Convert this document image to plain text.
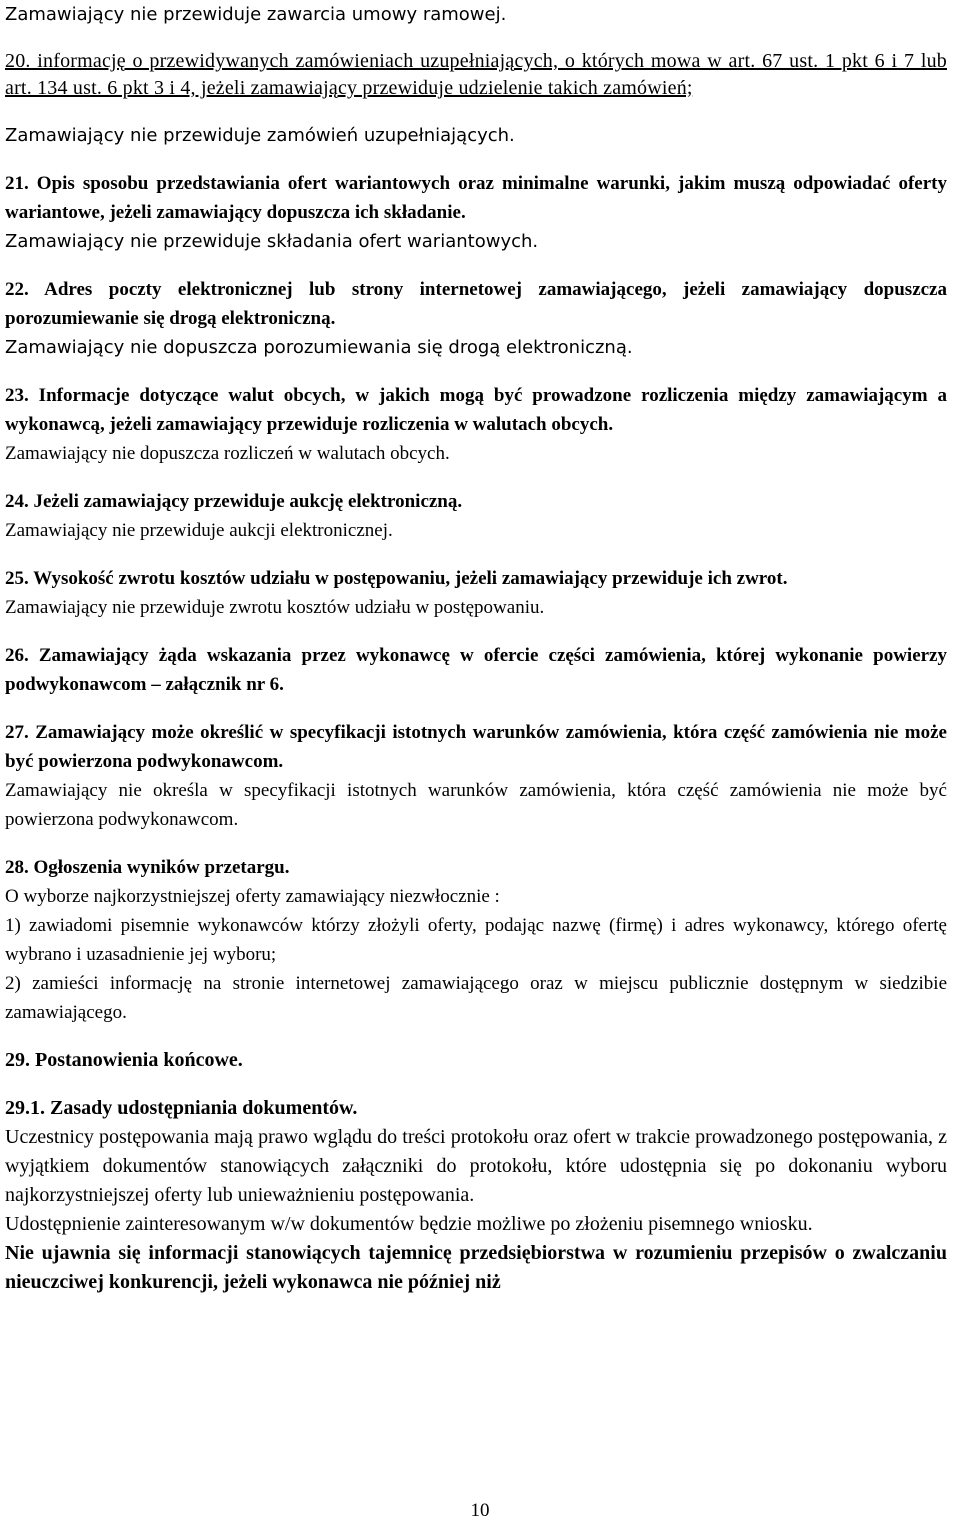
Zamawiający nie przewiduje zawarcia umowy ramowej.

20. informację o przewidywanych zamówieniach uzupełniających, o których mowa w art. 67 ust. 1 pkt 6 i 7 lub art. 134 ust. 6 pkt 3 i 4, jeżeli zamawiający przewiduje udzielenie takich zamówień;

Zamawiający nie przewiduje zamówień uzupełniających.

21. Opis sposobu przedstawiania ofert wariantowych oraz minimalne warunki, jakim muszą odpowiadać oferty wariantowe, jeżeli zamawiający dopuszcza ich składanie.

Zamawiający nie przewiduje składania ofert wariantowych.

22. Adres poczty elektronicznej lub strony internetowej zamawiającego, jeżeli zamawiający dopuszcza porozumiewanie się drogą elektroniczną.

Zamawiający nie dopuszcza porozumiewania się drogą elektroniczną.

23. Informacje dotyczące walut obcych, w jakich mogą być prowadzone rozliczenia między zamawiającym a wykonawcą, jeżeli zamawiający przewiduje rozliczenia w walutach obcych.

Zamawiający nie dopuszcza rozliczeń w walutach obcych.

24. Jeżeli zamawiający przewiduje aukcję elektroniczną.

Zamawiający nie przewiduje aukcji elektronicznej.

25. Wysokość zwrotu kosztów udziału w postępowaniu, jeżeli zamawiający przewiduje ich zwrot.

Zamawiający nie przewiduje zwrotu kosztów udziału w postępowaniu.

26. Zamawiający żąda wskazania przez wykonawcę w ofercie części zamówienia, której wykonanie powierzy podwykonawcom – załącznik nr 6.

27. Zamawiający może określić w specyfikacji istotnych warunków zamówienia, która część zamówienia nie może być powierzona podwykonawcom.

Zamawiający nie określa w specyfikacji istotnych warunków zamówienia, która część zamówienia nie może być powierzona podwykonawcom.

28. Ogłoszenia wyników przetargu.

O wyborze najkorzystniejszej oferty zamawiający niezwłocznie :

1) zawiadomi pisemnie wykonawców którzy złożyli oferty, podając nazwę (firmę) i adres wykonawcy, którego ofertę wybrano i uzasadnienie jej wyboru;

2) zamieści informację na stronie internetowej zamawiającego oraz w miejscu publicznie dostępnym w siedzibie zamawiającego.

29. Postanowienia końcowe.

29.1. Zasady udostępniania dokumentów.

Uczestnicy postępowania mają prawo wglądu do treści protokołu oraz ofert w trakcie prowadzonego postępowania, z wyjątkiem dokumentów stanowiących załączniki do protokołu, które udostępnia się po dokonaniu wyboru najkorzystniejszej oferty lub unieważnieniu postępowania.

Udostępnienie zainteresowanym w/w dokumentów będzie możliwe po złożeniu pisemnego wniosku.

Nie ujawnia się informacji stanowiących tajemnicę przedsiębiorstwa w rozumieniu przepisów o zwalczaniu nieuczciwej konkurencji, jeżeli wykonawca nie później niż

10
